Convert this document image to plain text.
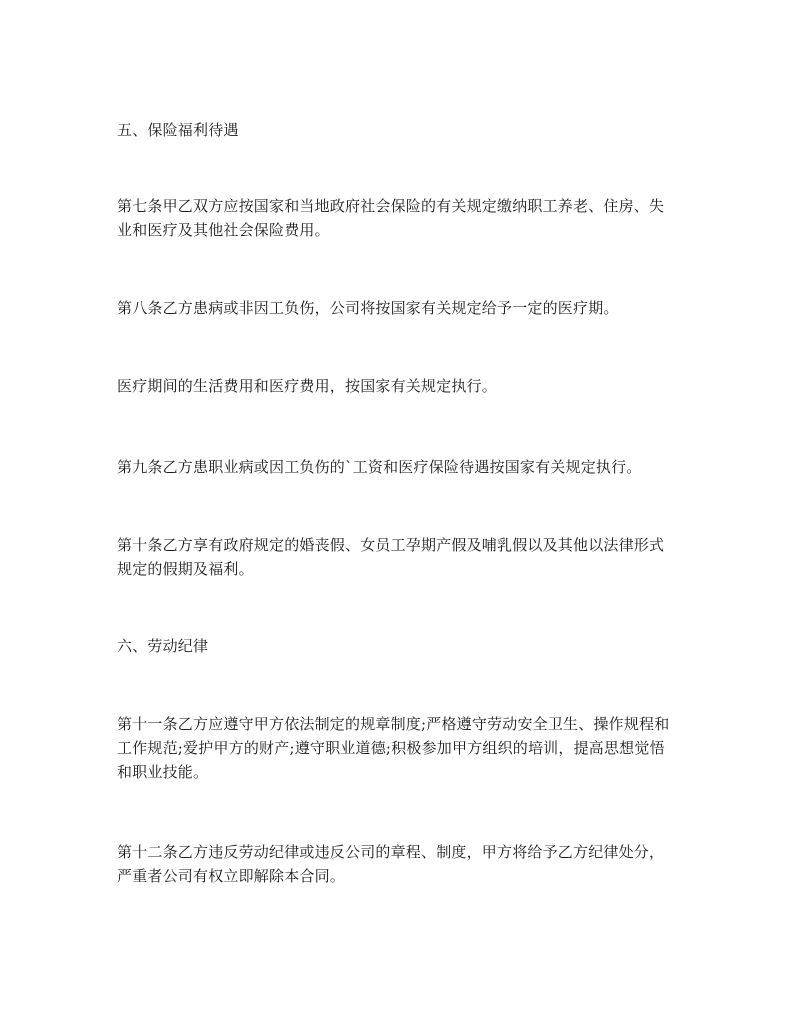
五、保险福利待遇

第七条甲乙双方应按国家和当地政府社会保险的有关规定缴纳职工养老、住房、失业和医疗及其他社会保险费用。

第八条乙方患病或非因工负伤，公司将按国家有关规定给予一定的医疗期。

医疗期间的生活费用和医疗费用，按国家有关规定执行。

第九条乙方患职业病或因工负伤的`工资和医疗保险待遇按国家有关规定执行。

第十条乙方享有政府规定的婚丧假、女员工孕期产假及哺乳假以及其他以法律形式规定的假期及福利。

六、劳动纪律

第十一条乙方应遵守甲方依法制定的规章制度;严格遵守劳动安全卫生、操作规程和工作规范;爱护甲方的财产;遵守职业道德;积极参加甲方组织的培训，提高思想觉悟和职业技能。

第十二条乙方违反劳动纪律或违反公司的章程、制度，甲方将给予乙方纪律处分，严重者公司有权立即解除本合同。
